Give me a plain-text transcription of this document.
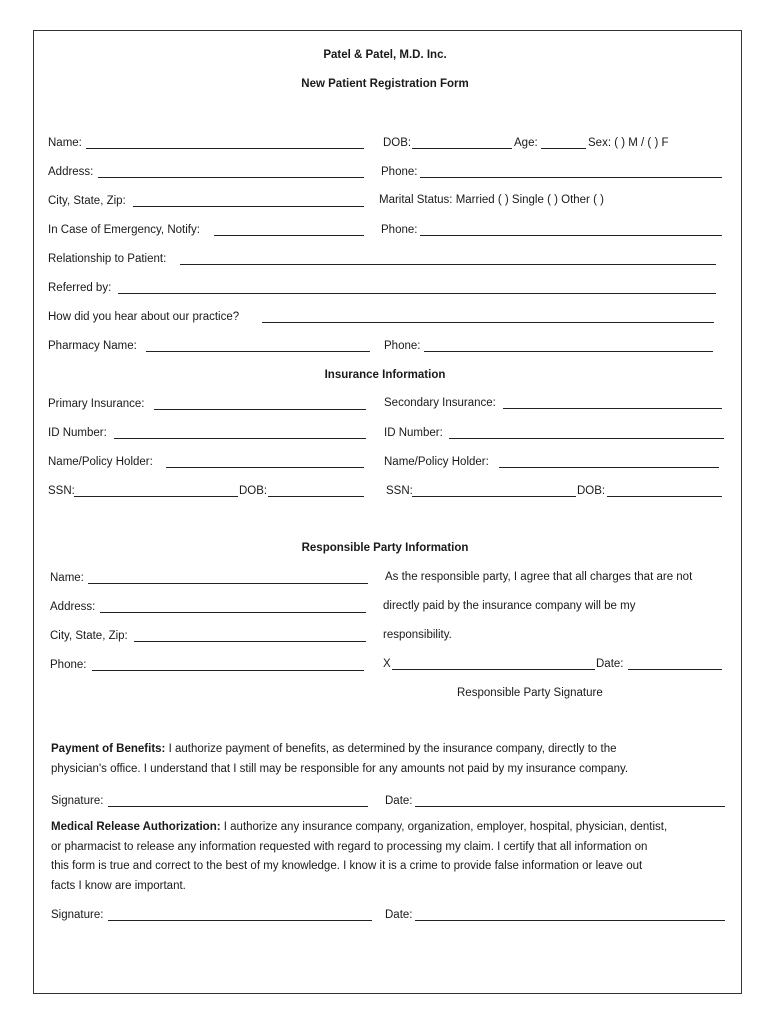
Patel & Patel, M.D. Inc.
New Patient Registration Form
Name:	DOB:	Age:	Sex: ( ) M / ( ) F
Address:	Phone:
City, State, Zip:	Marital Status: Married ( ) Single ( ) Other ( )
In Case of Emergency, Notify:	Phone:
Relationship to Patient:
Referred by:
How did you hear about our practice?
Pharmacy Name:	Phone:
Insurance Information
Primary Insurance:	Secondary Insurance:
ID Number:	ID Number:
Name/Policy Holder:	Name/Policy Holder:
SSN:	DOB:	SSN:	DOB:
Responsible Party Information
Name:	As the responsible party, I agree that all charges that are not
Address:	directly paid by the insurance company will be my
City, State, Zip:	responsibility.
Phone:	X	Date:
Responsible Party Signature
Payment of Benefits: I authorize payment of benefits, as determined by the insurance company, directly to the
physician's office. I understand that I still may be responsible for any amounts not paid by my insurance company.
Signature:	Date:
Medical Release Authorization: I authorize any insurance company, organization, employer, hospital, physician, dentist,
or pharmacist to release any information requested with regard to processing my claim. I certify that all information on
this form is true and correct to the best of my knowledge. I know it is a crime to provide false information or leave out
facts I know are important.
Signature:	Date:
